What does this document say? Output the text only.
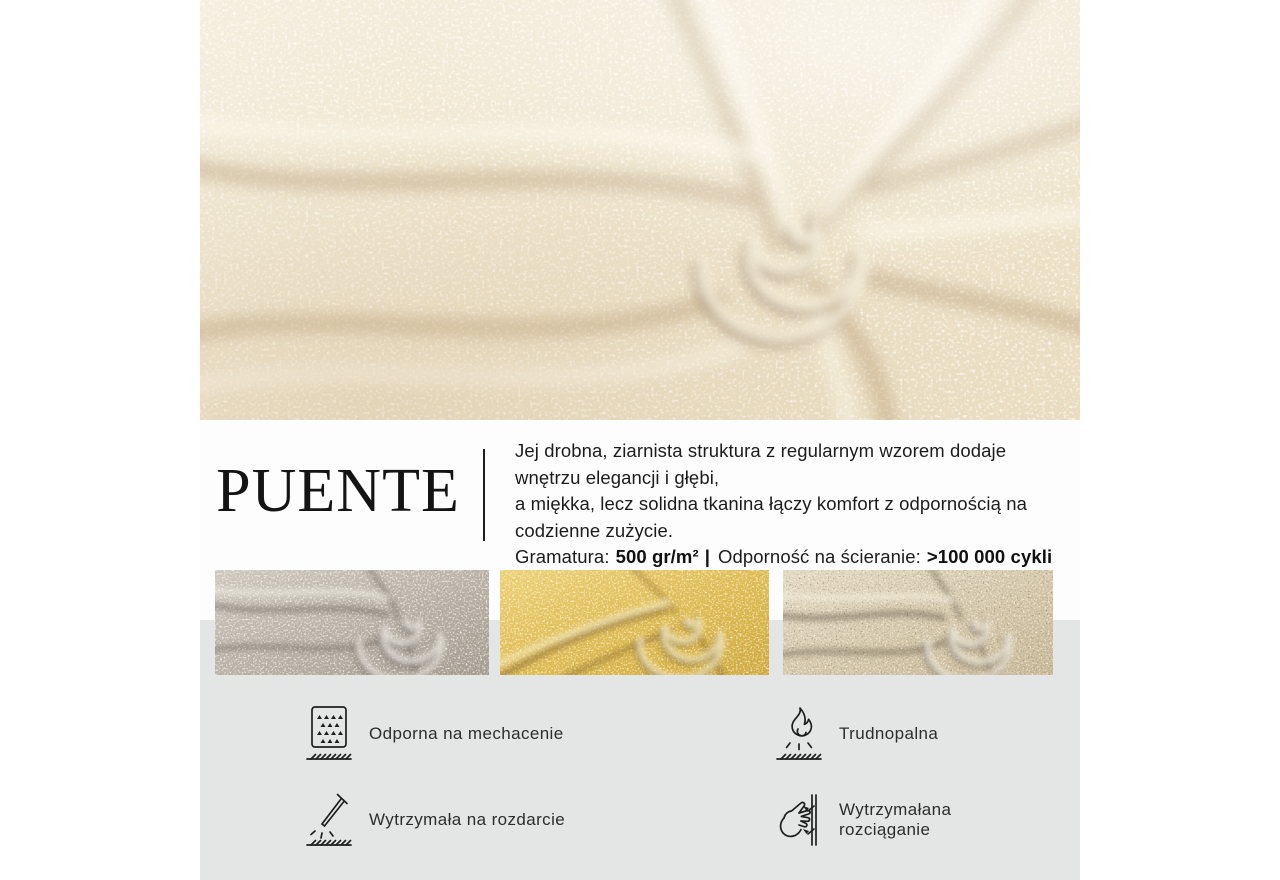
PUENTE

Jej drobna, ziarnista struktura z regularnym wzorem dodaje wnętrzu elegancji i głębi,

a miękka, lecz solidna tkanina łączy komfort z odpornością na codzienne zużycie.

Gramatura: 500 gr/m² | Odporność na ścieranie: >100 000 cykli

Odporna na mechacenie	Trudnopalna
Wytrzymała na rozdarcie
Wytrzymałana rozciąganie
